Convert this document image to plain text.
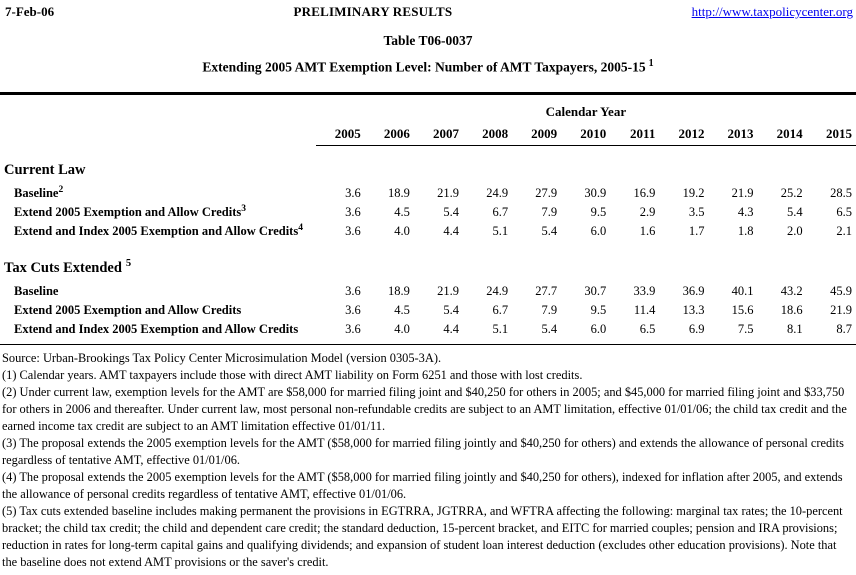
7-Feb-06	PRELIMINARY RESULTS	http://www.taxpolicycenter.org
Table T06-0037
Extending 2005 AMT Exemption Level: Number of AMT Taxpayers, 2005-15 $^1$
	Calendar Year										
	2005	2006	2007	2008	2009	2010	2011	2012	2013	2014	2015

Current Law											
Baseline$^2$	3.6	18.9	21.9	24.9	27.9	30.9	16.9	19.2	21.9	25.2	28.5
Extend 2005 Exemption and Allow Credits$^3$	3.6	4.5	5.4	6.7	7.9	9.5	2.9	3.5	4.3	5.4	6.5
Extend and Index 2005 Exemption and Allow Credits$^4$	3.6	4.0	4.4	5.1	5.4	6.0	1.6	1.7	1.8	2.0	2.1

Tax Cuts Extended $^5$
Baseline	3.6	18.9	21.9	24.9	27.7	30.7	33.9	36.9	40.1	43.2	45.9
Extend 2005 Exemption and Allow Credits	3.6	4.5	5.4	6.7	7.9	9.5	11.4	13.3	15.6	18.6	21.9
Extend and Index 2005 Exemption and Allow Credits	3.6	4.0	4.4	5.1	5.4	6.0	6.5	6.9	7.5	8.1	8.7
Source: Urban-Brookings Tax Policy Center Microsimulation Model (version 0305-3A).
(1) Calendar years. AMT taxpayers include those with direct AMT liability on Form 6251 and those with lost credits.
(2) Under current law, exemption levels for the AMT are $58,000 for married filing joint and $40,250 for others in 2005; and $45,000 for married filing joint and $33,750 for others in 2006 and thereafter. Under current law, most personal non-refundable credits are subject to an AMT limitation, effective 01/01/06; the child tax credit and the earned income tax credit are subject to an AMT limitation effective 01/01/11.
(3) The proposal extends the 2005 exemption levels for the AMT ($58,000 for married filing jointly and $40,250 for others) and extends the allowance of personal credits regardless of tentative AMT, effective 01/01/06.
(4) The proposal extends the 2005 exemption levels for the AMT ($58,000 for married filing jointly and $40,250 for others), indexed for inflation after 2005, and extends the allowance of personal credits regardless of tentative AMT, effective 01/01/06.
(5) Tax cuts extended baseline includes making permanent the provisions in EGTRRA, JGTRRA, and WFTRA affecting the following: marginal tax rates; the 10-percent bracket; the child tax credit; the child and dependent care credit; the standard deduction, 15-percent bracket, and EITC for married couples; pension and IRA provisions; reduction in rates for long-term capital gains and qualifying dividends; and expansion of student loan interest deduction (excludes other education provisions). Note that the baseline does not extend AMT provisions or the saver's credit.
